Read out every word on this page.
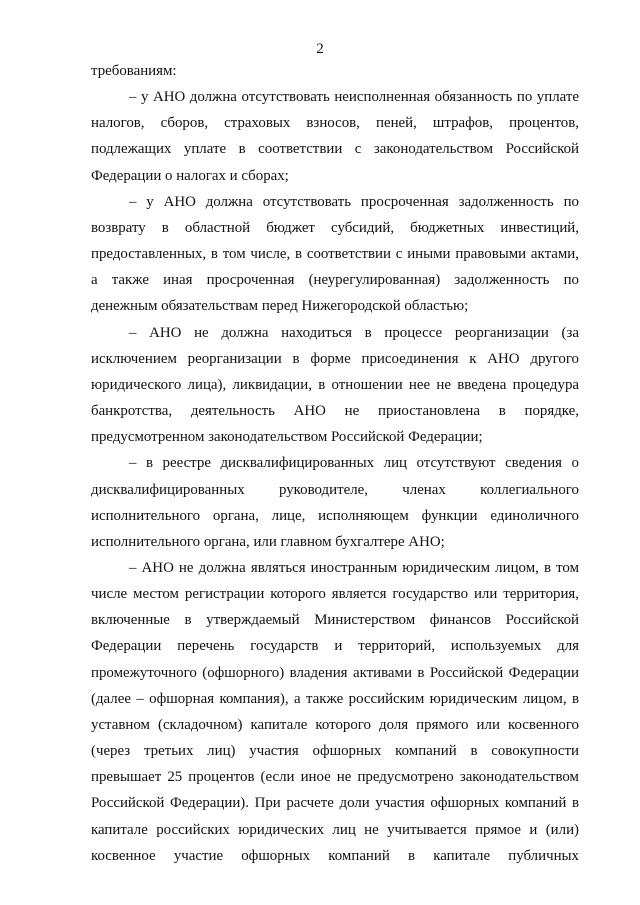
2

требованиям:

– у АНО должна отсутствовать неисполненная обязанность по уплате налогов, сборов, страховых взносов, пеней, штрафов, процентов, подлежащих уплате в соответствии с законодательством Российской Федерации о налогах и сборах;

– у АНО должна отсутствовать просроченная задолженность по возврату в областной бюджет субсидий, бюджетных инвестиций, предоставленных, в том числе, в соответствии с иными правовыми актами, а также иная просроченная (неурегулированная) задолженность по денежным обязательствам перед Нижегородской областью;

– АНО не должна находиться в процессе реорганизации (за исключением реорганизации в форме присоединения к АНО другого юридического лица), ликвидации, в отношении нее не введена процедура банкротства, деятельность АНО не приостановлена в порядке, предусмотренном законодательством Российской Федерации;

– в реестре дисквалифицированных лиц отсутствуют сведения о дисквалифицированных руководителе, членах коллегиального исполнительного органа, лице, исполняющем функции единоличного исполнительного органа, или главном бухгалтере АНО;

– АНО не должна являться иностранным юридическим лицом, в том числе местом регистрации которого является государство или территория, включенные в утверждаемый Министерством финансов Российской Федерации перечень государств и территорий, используемых для промежуточного (офшорного) владения активами в Российской Федерации (далее – офшорная компания), а также российским юридическим лицом, в уставном (складочном) капитале которого доля прямого или косвенного (через третьих лиц) участия офшорных компаний в совокупности превышает 25 процентов (если иное не предусмотрено законодательством Российской Федерации). При расчете доли участия офшорных компаний в капитале российских юридических лиц не учитывается прямое и (или) косвенное участие офшорных компаний в капитале публичных
